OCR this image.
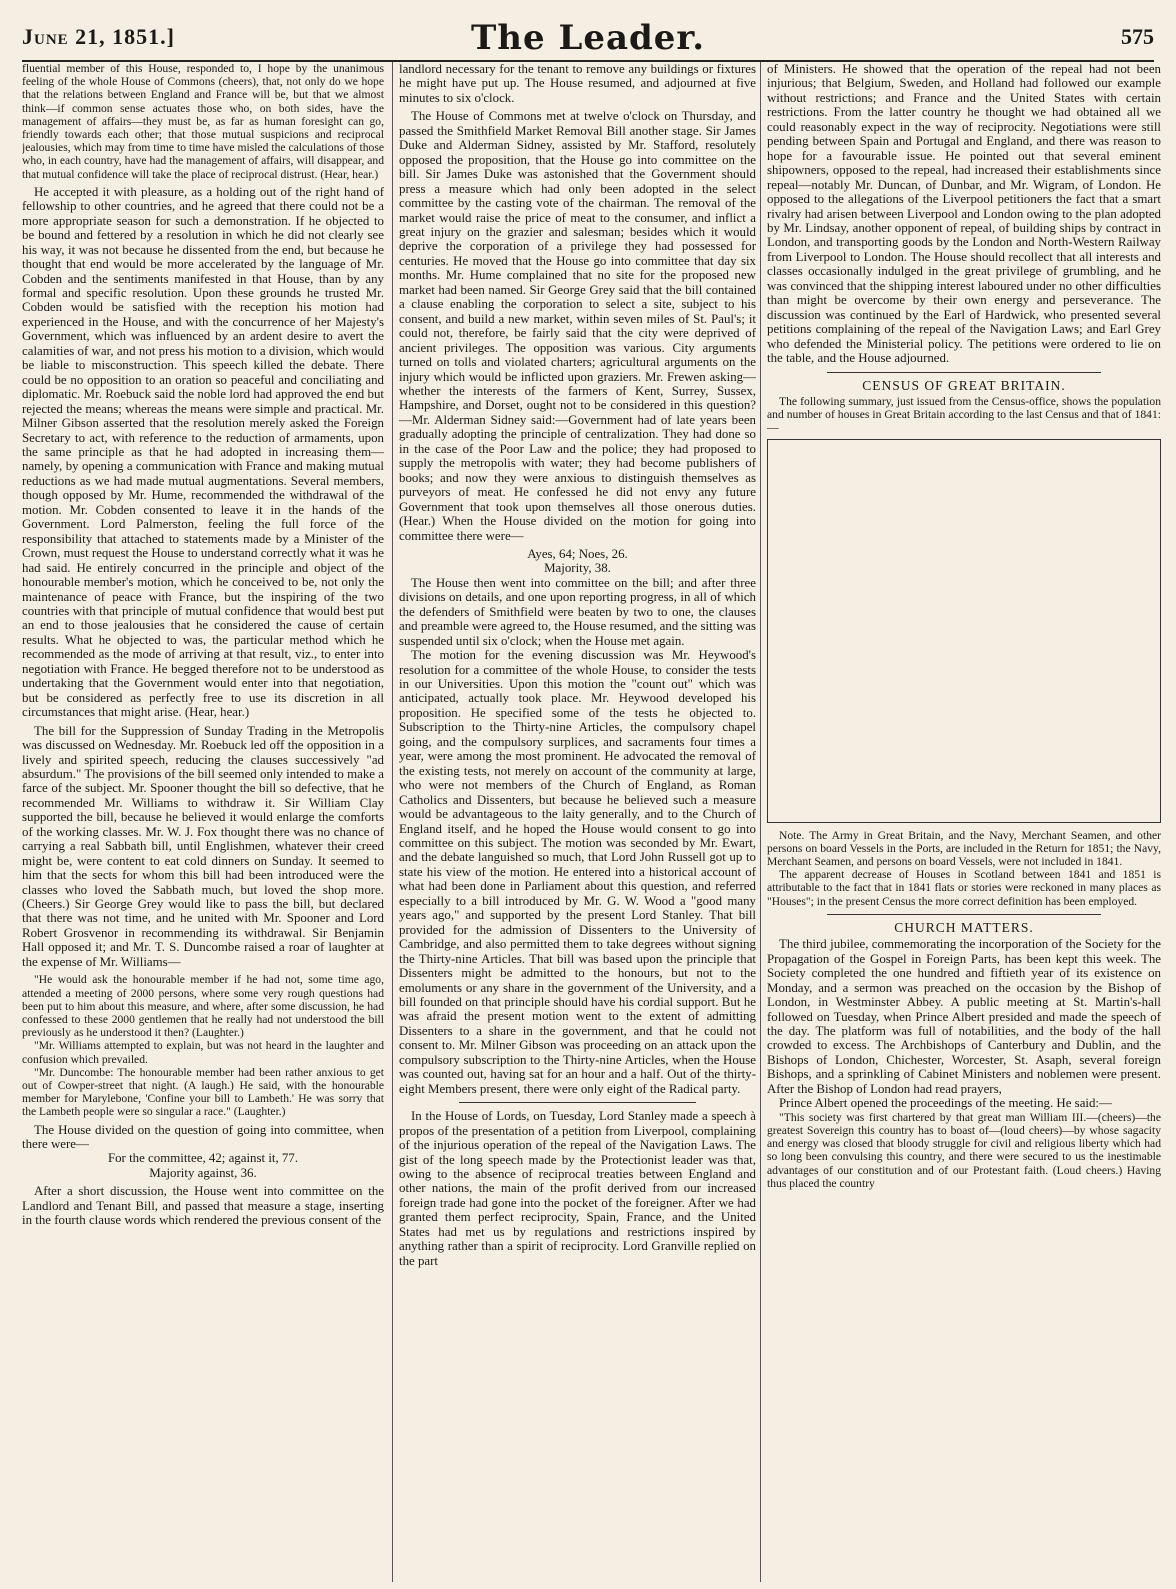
June 21, 1851.]	The Leader.	575

fluential member of this House, responded to, I hope by the unanimous feeling of the whole House of Commons (cheers), that, not only do we hope that the relations between England and France will be, but that we almost think—if common sense actuates those who, on both sides, have the management of affairs—they must be, as far as human foresight can go, friendly towards each other; that those mutual suspicions and reciprocal jealousies, which may from time to time have misled the calculations of those who, in each country, have had the management of affairs, will disappear, and that mutual confidence will take the place of reciprocal distrust. (Hear, hear.)

He accepted it with pleasure, as a holding out of the right hand of fellowship to other countries, and he agreed that there could not be a more appropriate season for such a demonstration. If he objected to be bound and fettered by a resolution in which he did not clearly see his way, it was not because he dissented from the end, but because he thought that end would be more accelerated by the language of Mr. Cobden and the sentiments manifested in that House, than by any formal and specific resolution. Upon these grounds he trusted Mr. Cobden would be satisfied with the reception his motion had experienced in the House, and with the concurrence of her Majesty's Government, which was influenced by an ardent desire to avert the calamities of war, and not press his motion to a division, which would be liable to misconstruction. This speech killed the debate. There could be no opposition to an oration so peaceful and conciliating and diplomatic. Mr. Roebuck said the noble lord had approved the end but rejected the means; whereas the means were simple and practical. Mr. Milner Gibson asserted that the resolution merely asked the Foreign Secretary to act, with reference to the reduction of armaments, upon the same principle as that he had adopted in increasing them—namely, by opening a communication with France and making mutual reductions as we had made mutual augmentations. Several members, though opposed by Mr. Hume, recommended the withdrawal of the motion. Mr. Cobden consented to leave it in the hands of the Government. Lord Palmerston, feeling the full force of the responsibility that attached to statements made by a Minister of the Crown, must request the House to understand correctly what it was he had said. He entirely concurred in the principle and object of the honourable member's motion, which he conceived to be, not only the maintenance of peace with France, but the inspiring of the two countries with that principle of mutual confidence that would best put an end to those jealousies that he considered the cause of certain results. What he objected to was, the particular method which he recommended as the mode of arriving at that result, viz., to enter into negotiation with France. He begged therefore not to be understood as undertaking that the Government would enter into that negotiation, but be considered as perfectly free to use its discretion in all circumstances that might arise. (Hear, hear.)

The bill for the Suppression of Sunday Trading in the Metropolis was discussed on Wednesday. Mr. Roebuck led off the opposition in a lively and spirited speech, reducing the clauses successively "ad absurdum." The provisions of the bill seemed only intended to make a farce of the subject. Mr. Spooner thought the bill so defective, that he recommended Mr. Williams to withdraw it. Sir William Clay supported the bill, because he believed it would enlarge the comforts of the working classes. Mr. W. J. Fox thought there was no chance of carrying a real Sabbath bill, until Englishmen, whatever their creed might be, were content to eat cold dinners on Sunday. It seemed to him that the sects for whom this bill had been introduced were the classes who loved the Sabbath much, but loved the shop more. (Cheers.) Sir George Grey would like to pass the bill, but declared that there was not time, and he united with Mr. Spooner and Lord Robert Grosvenor in recommending its withdrawal. Sir Benjamin Hall opposed it; and Mr. T. S. Duncombe raised a roar of laughter at the expense of Mr. Williams—

"He would ask the honourable member if he had not, some time ago, attended a meeting of 2000 persons, where some very rough questions had been put to him about this measure, and where, after some discussion, he had confessed to these 2000 gentlemen that he really had not understood the bill previously as he understood it then? (Laughter.)

"Mr. Williams attempted to explain, but was not heard in the laughter and confusion which prevailed.

"Mr. Duncombe: The honourable member had been rather anxious to get out of Cowper-street that night. (A laugh.) He said, with the honourable member for Marylebone, 'Confine your bill to Lambeth.' He was sorry that the Lambeth people were so singular a race." (Laughter.)

The House divided on the question of going into committee, when there were—

For the committee, 42; against it, 77.

Majority against, 36.

After a short discussion, the House went into committee on the Landlord and Tenant Bill, and passed that measure a stage, inserting in the fourth clause words which rendered the previous consent of the

landlord necessary for the tenant to remove any buildings or fixtures he might have put up. The House resumed, and adjourned at five minutes to six o'clock.

The House of Commons met at twelve o'clock on Thursday, and passed the Smithfield Market Removal Bill another stage. Sir James Duke and Alderman Sidney, assisted by Mr. Stafford, resolutely opposed the proposition, that the House go into committee on the bill. Sir James Duke was astonished that the Government should press a measure which had only been adopted in the select committee by the casting vote of the chairman. The removal of the market would raise the price of meat to the consumer, and inflict a great injury on the grazier and salesman; besides which it would deprive the corporation of a privilege they had possessed for centuries. He moved that the House go into committee that day six months. Mr. Hume complained that no site for the proposed new market had been named. Sir George Grey said that the bill contained a clause enabling the corporation to select a site, subject to his consent, and build a new market, within seven miles of St. Paul's; it could not, therefore, be fairly said that the city were deprived of ancient privileges. The opposition was various. City arguments turned on tolls and violated charters; agricultural arguments on the injury which would be inflicted upon graziers. Mr. Frewen asking—whether the interests of the farmers of Kent, Surrey, Sussex, Hampshire, and Dorset, ought not to be considered in this question?—Mr. Alderman Sidney said:—Government had of late years been gradually adopting the principle of centralization. They had done so in the case of the Poor Law and the police; they had proposed to supply the metropolis with water; they had become publishers of books; and now they were anxious to distinguish themselves as purveyors of meat. He confessed he did not envy any future Government that took upon themselves all those onerous duties. (Hear.) When the House divided on the motion for going into committee there were—

Ayes, 64; Noes, 26.

Majority, 38.

The House then went into committee on the bill; and after three divisions on details, and one upon reporting progress, in all of which the defenders of Smithfield were beaten by two to one, the clauses and preamble were agreed to, the House resumed, and the sitting was suspended until six o'clock; when the House met again.

The motion for the evening discussion was Mr. Heywood's resolution for a committee of the whole House, to consider the tests in our Universities. Upon this motion the "count out" which was anticipated, actually took place. Mr. Heywood developed his proposition. He specified some of the tests he objected to. Subscription to the Thirty-nine Articles, the compulsory chapel going, and the compulsory surplices, and sacraments four times a year, were among the most prominent. He advocated the removal of the existing tests, not merely on account of the community at large, who were not members of the Church of England, as Roman Catholics and Dissenters, but because he believed such a measure would be advantageous to the laity generally, and to the Church of England itself, and he hoped the House would consent to go into committee on this subject. The motion was seconded by Mr. Ewart, and the debate languished so much, that Lord John Russell got up to state his view of the motion. He entered into a historical account of what had been done in Parliament about this question, and referred especially to a bill introduced by Mr. G. W. Wood a "good many years ago," and supported by the present Lord Stanley. That bill provided for the admission of Dissenters to the University of Cambridge, and also permitted them to take degrees without signing the Thirty-nine Articles. That bill was based upon the principle that Dissenters might be admitted to the honours, but not to the emoluments or any share in the government of the University, and a bill founded on that principle should have his cordial support. But he was afraid the present motion went to the extent of admitting Dissenters to a share in the government, and that he could not consent to. Mr. Milner Gibson was proceeding on an attack upon the compulsory subscription to the Thirty-nine Articles, when the House was counted out, having sat for an hour and a half. Out of the thirty-eight Members present, there were only eight of the Radical party.

In the House of Lords, on Tuesday, Lord Stanley made a speech à propos of the presentation of a petition from Liverpool, complaining of the injurious operation of the repeal of the Navigation Laws. The gist of the long speech made by the Protectionist leader was that, owing to the absence of reciprocal treaties between England and other nations, the main of the profit derived from our increased foreign trade had gone into the pocket of the foreigner. After we had granted them perfect reciprocity, Spain, France, and the United States had met us by regulations and restrictions inspired by anything rather than a spirit of reciprocity. Lord Granville replied on the part

of Ministers. He showed that the operation of the repeal had not been injurious; that Belgium, Sweden, and Holland had followed our example without restrictions; and France and the United States with certain restrictions. From the latter country he thought we had obtained all we could reasonably expect in the way of reciprocity. Negotiations were still pending between Spain and Portugal and England, and there was reason to hope for a favourable issue. He pointed out that several eminent shipowners, opposed to the repeal, had increased their establishments since repeal—notably Mr. Duncan, of Dunbar, and Mr. Wigram, of London. He opposed to the allegations of the Liverpool petitioners the fact that a smart rivalry had arisen between Liverpool and London owing to the plan adopted by Mr. Lindsay, another opponent of repeal, of building ships by contract in London, and transporting goods by the London and North-Western Railway from Liverpool to London. The House should recollect that all interests and classes occasionally indulged in the great privilege of grumbling, and he was convinced that the shipping interest laboured under no other difficulties than might be overcome by their own energy and perseverance. The discussion was continued by the Earl of Hardwick, who presented several petitions complaining of the repeal of the Navigation Laws; and Earl Grey who defended the Ministerial policy. The petitions were ordered to lie on the table, and the House adjourned.

CENSUS OF GREAT BRITAIN.

The following summary, just issued from the Census-office, shows the population and number of houses in Great Britain according to the last Census and that of 1841:—

Note. The Army in Great Britain, and the Navy, Merchant Seamen, and other persons on board Vessels in the Ports, are included in the Return for 1851; the Navy, Merchant Seamen, and persons on board Vessels, were not included in 1841.

The apparent decrease of Houses in Scotland between 1841 and 1851 is attributable to the fact that in 1841 flats or stories were reckoned in many places as "Houses"; in the present Census the more correct definition has been employed.

CHURCH MATTERS.

The third jubilee, commemorating the incorporation of the Society for the Propagation of the Gospel in Foreign Parts, has been kept this week. The Society completed the one hundred and fiftieth year of its existence on Monday, and a sermon was preached on the occasion by the Bishop of London, in Westminster Abbey. A public meeting at St. Martin's-hall followed on Tuesday, when Prince Albert presided and made the speech of the day. The platform was full of notabilities, and the body of the hall crowded to excess. The Archbishops of Canterbury and Dublin, and the Bishops of London, Chichester, Worcester, St. Asaph, several foreign Bishops, and a sprinkling of Cabinet Ministers and noblemen were present. After the Bishop of London had read prayers,

Prince Albert opened the proceedings of the meeting. He said:—

"This society was first chartered by that great man William III.—(cheers)—the greatest Sovereign this country has to boast of—(loud cheers)—by whose sagacity and energy was closed that bloody struggle for civil and religious liberty which had so long been convulsing this country, and there were secured to us the inestimable advantages of our constitution and of our Protestant faith. (Loud cheers.) Having thus placed the country
